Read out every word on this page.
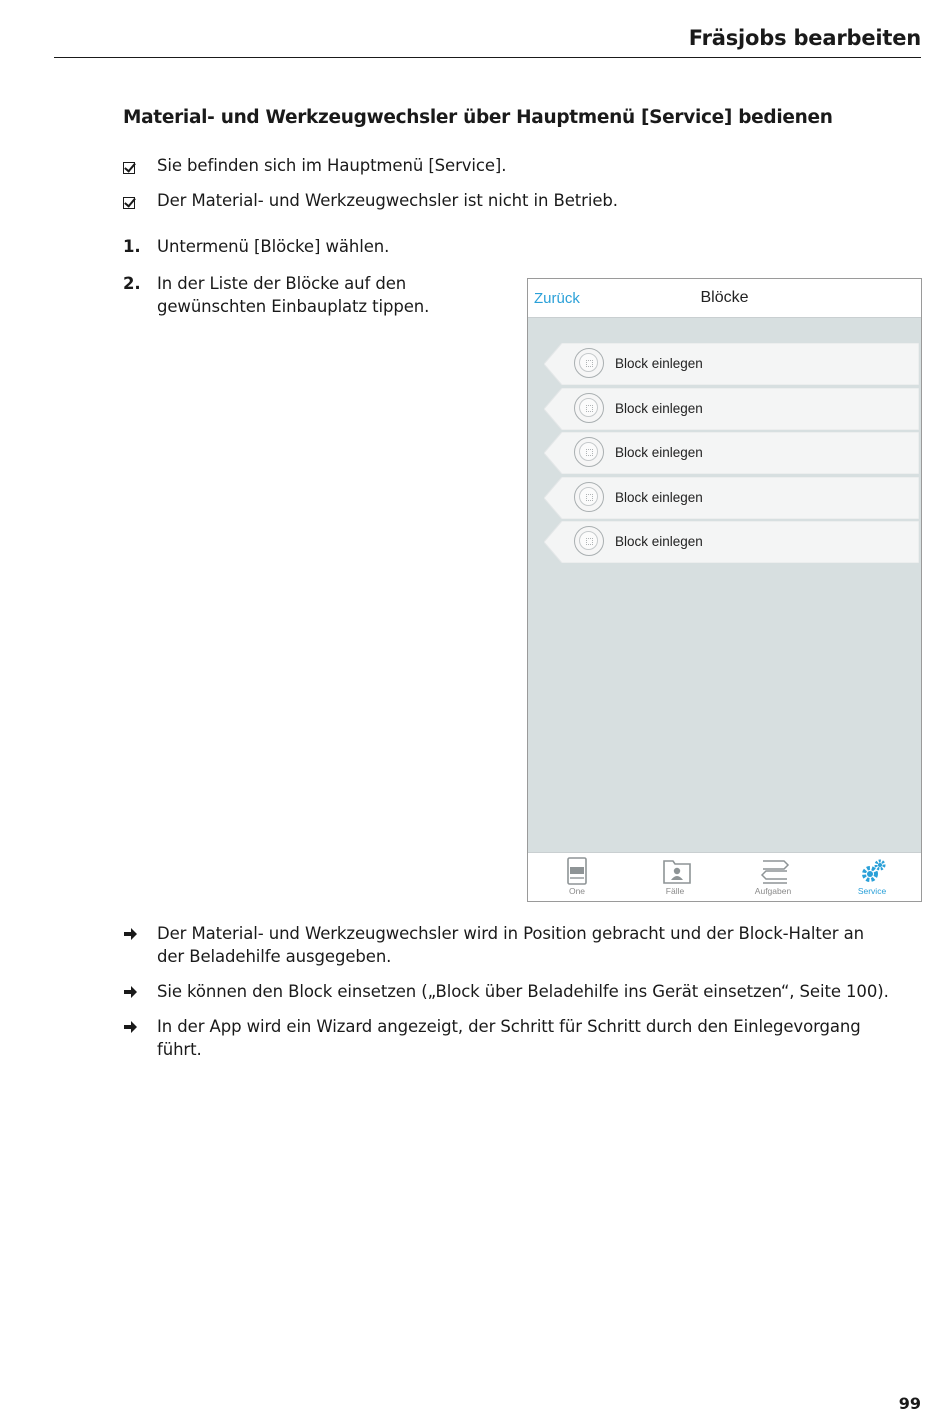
Fräsjobs bearbeiten
Material- und Werkzeugwechsler über Hauptmenü [Service] bedienen
Sie befinden sich im Hauptmenü [Service].
Der Material- und Werkzeugwechsler ist nicht in Betrieb.
1. Untermenü [Blöcke] wählen.
2. In der Liste der Blöcke auf den
gewünschten Einbauplatz tippen.	Zurück	Blöcke
Block einlegen
Block einlegen
Block einlegen
Block einlegen
Block einlegen
One	Fälle	Aufgaben	Service
Der Material- und Werkzeugwechsler wird in Position gebracht und der Block-Halter an
der Beladehilfe ausgegeben.
Sie können den Block einsetzen („Block über Beladehilfe ins Gerät einsetzen“, Seite 100).
In der App wird ein Wizard angezeigt, der Schritt für Schritt durch den Einlegevorgang
führt.
99
